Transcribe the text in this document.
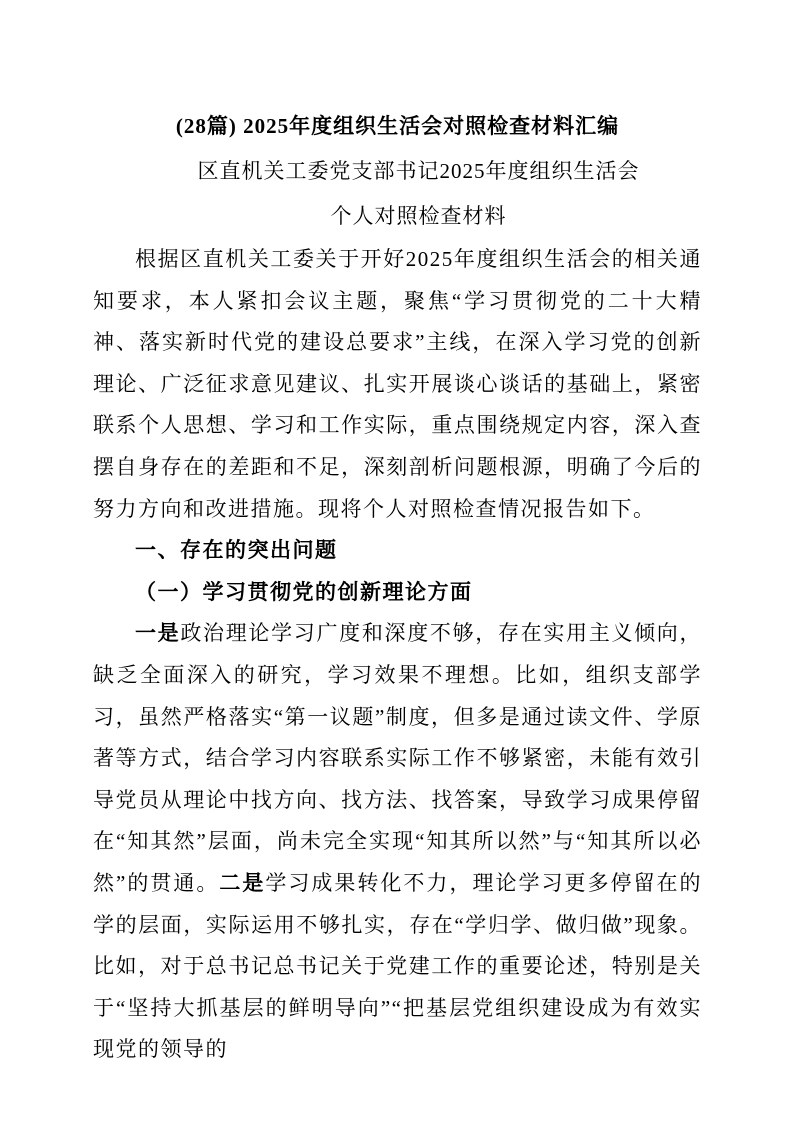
(28篇) 2025年度组织生活会对照检查材料汇编
区直机关工委党支部书记2025年度组织生活会
个人对照检查材料

根据区直机关工委关于开好2025年度组织生活会的相关通知要求，本人紧扣会议主题，聚焦“学习贯彻党的二十大精神、落实新时代党的建设总要求”主线，在深入学习党的创新理论、广泛征求意见建议、扎实开展谈心谈话的基础上，紧密联系个人思想、学习和工作实际，重点围绕规定内容，深入查摆自身存在的差距和不足，深刻剖析问题根源，明确了今后的努力方向和改进措施。现将个人对照检查情况报告如下。

一、存在的突出问题

（一）学习贯彻党的创新理论方面

一是政治理论学习广度和深度不够，存在实用主义倾向，缺乏全面深入的研究，学习效果不理想。比如，组织支部学习，虽然严格落实“第一议题”制度，但多是通过读文件、学原著等方式，结合学习内容联系实际工作不够紧密，未能有效引导党员从理论中找方向、找方法、找答案，导致学习成果停留在“知其然”层面，尚未完全实现“知其所以然”与“知其所以必然”的贯通。二是学习成果转化不力，理论学习更多停留在的学的层面，实际运用不够扎实，存在“学归学、做归做”现象。比如，对于总书记总书记关于党建工作的重要论述，特别是关于“坚持大抓基层的鲜明导向”“把基层党组织建设成为有效实现党的领导的
